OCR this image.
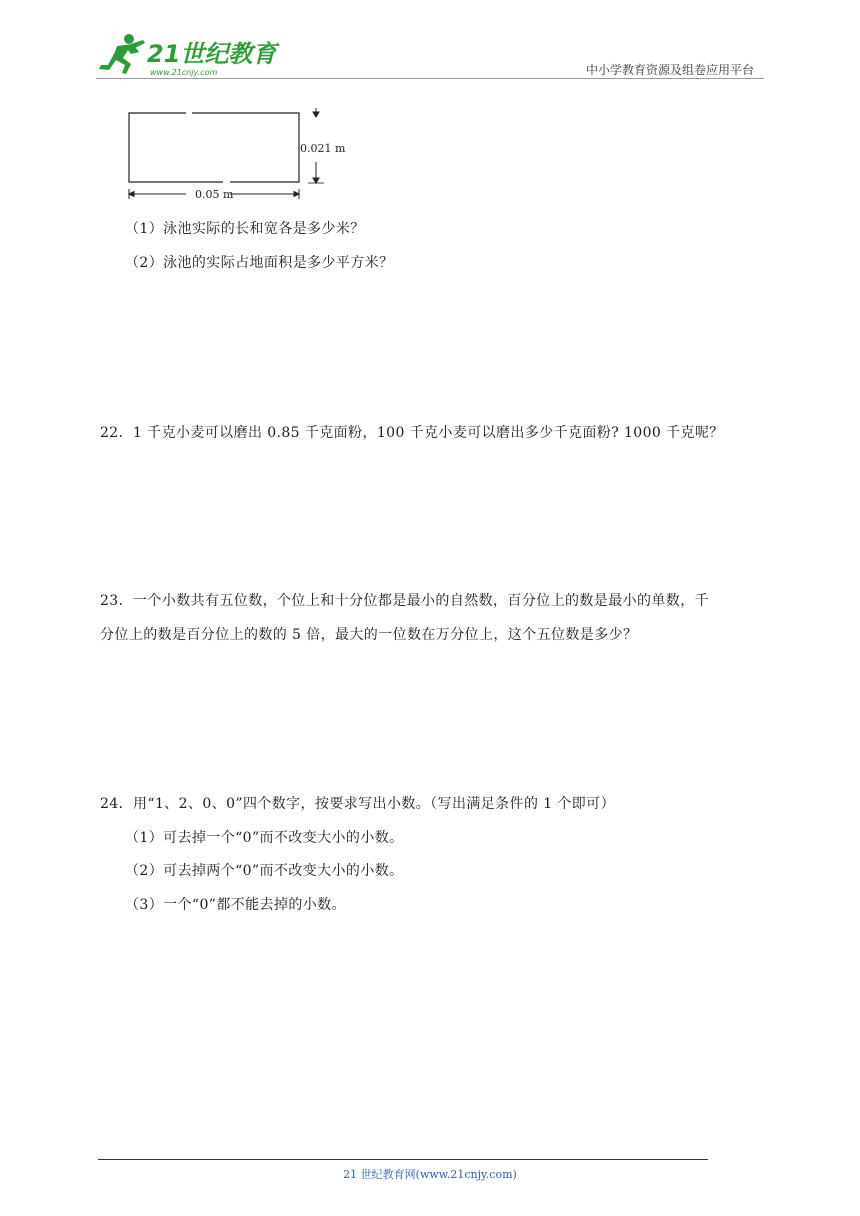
21世纪教育
www.21cnjy.com	中小学教育资源及组卷应用平台
0.021 m
0.05 m
（1）泳池实际的长和宽各是多少米？
（2）泳池的实际占地面积是多少平方米？
22．1 千克小麦可以磨出 0.85 千克面粉，100 千克小麦可以磨出多少千克面粉? 1000 千克呢？
23．一个小数共有五位数，个位上和十分位都是最小的自然数，百分位上的数是最小的单数，千
分位上的数是百分位上的数的 5 倍，最大的一位数在万分位上，这个五位数是多少？
24．用“1、2、0、0”四个数字，按要求写出小数。（写出满足条件的 1 个即可）
（1）可去掉一个“0”而不改变大小的小数。
（2）可去掉两个“0”而不改变大小的小数。
（3）一个“0”都不能去掉的小数。
21 世纪教育网(www.21cnjy.com)
